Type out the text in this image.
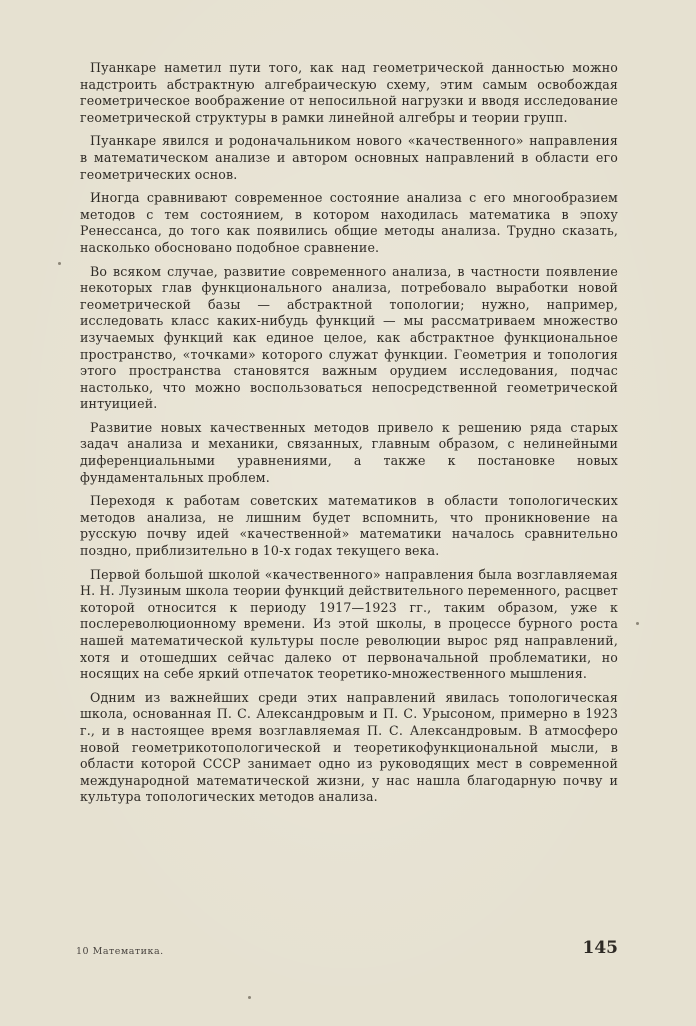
Пуанкаре наметил пути того, как над геометрической данностью можно надстроить абстрактную алгебраическую схему, этим самым освобождая геометрическое воображение от непосильной нагрузки и вводя исследование геометрической структуры в рамки линейной алгебры и теории групп.

Пуанкаре явился и родоначальником нового «качественного» направления в математическом анализе и автором основных направлений в области его геометрических основ.

Иногда сравнивают современное состояние анализа с его многообразием методов с тем состоянием, в котором находилась математика в эпоху Ренессанса, до того как появились общие методы анализа. Трудно сказать, насколько обосновано подобное сравнение.

Во всяком случае, развитие современного анализа, в частности появление некоторых глав функционального анализа, потребовало выработки новой геометрической базы — абстрактной топологии; нужно, например, исследовать класс каких-нибудь функций — мы рассматриваем множество изучаемых функций как единое целое, как абстрактное функциональное пространство, «точками» которого служат функции. Геометрия и топология этого пространства становятся важным орудием исследования, подчас настолько, что можно воспользоваться непосредственной геометрической интуицией.

Развитие новых качественных методов привело к решению ряда старых задач анализа и механики, связанных, главным образом, с нелинейными диференциальными уравнениями, а также к постановке новых фундаментальных проблем.

Переходя к работам советских математиков в области топологических методов анализа, не лишним будет вспомнить, что проникновение на русскую почву идей «качественной» математики началось сравнительно поздно, приблизительно в 10-х годах текущего века.

Первой большой школой «качественного» направления была возглавляемая Н. Н. Лузиным школа теории функций действительного переменного, расцвет которой относится к периоду 1917—1923 гг., таким образом, уже к послереволюционному времени. Из этой школы, в процессе бурного роста нашей математической культуры после революции вырос ряд направлений, хотя и отошедших сейчас далеко от первоначальной проблематики, но носящих на себе яркий отпечаток теоретико-множественного мышления.

Одним из важнейших среди этих направлений явилась топологическая школа, основанная П. С. Александровым и П. С. Урысоном, примерно в 1923 г., и в настоящее время возглавляемая П. С. Александровым. В атмосферо новой геометрикотопологической и теоретикофункциональной мысли, в области которой СССР занимает одно из руководящих мест в современной международной математической жизни, у нас нашла благодарную почву и культура топологических методов анализа.

10 Математика.	145
